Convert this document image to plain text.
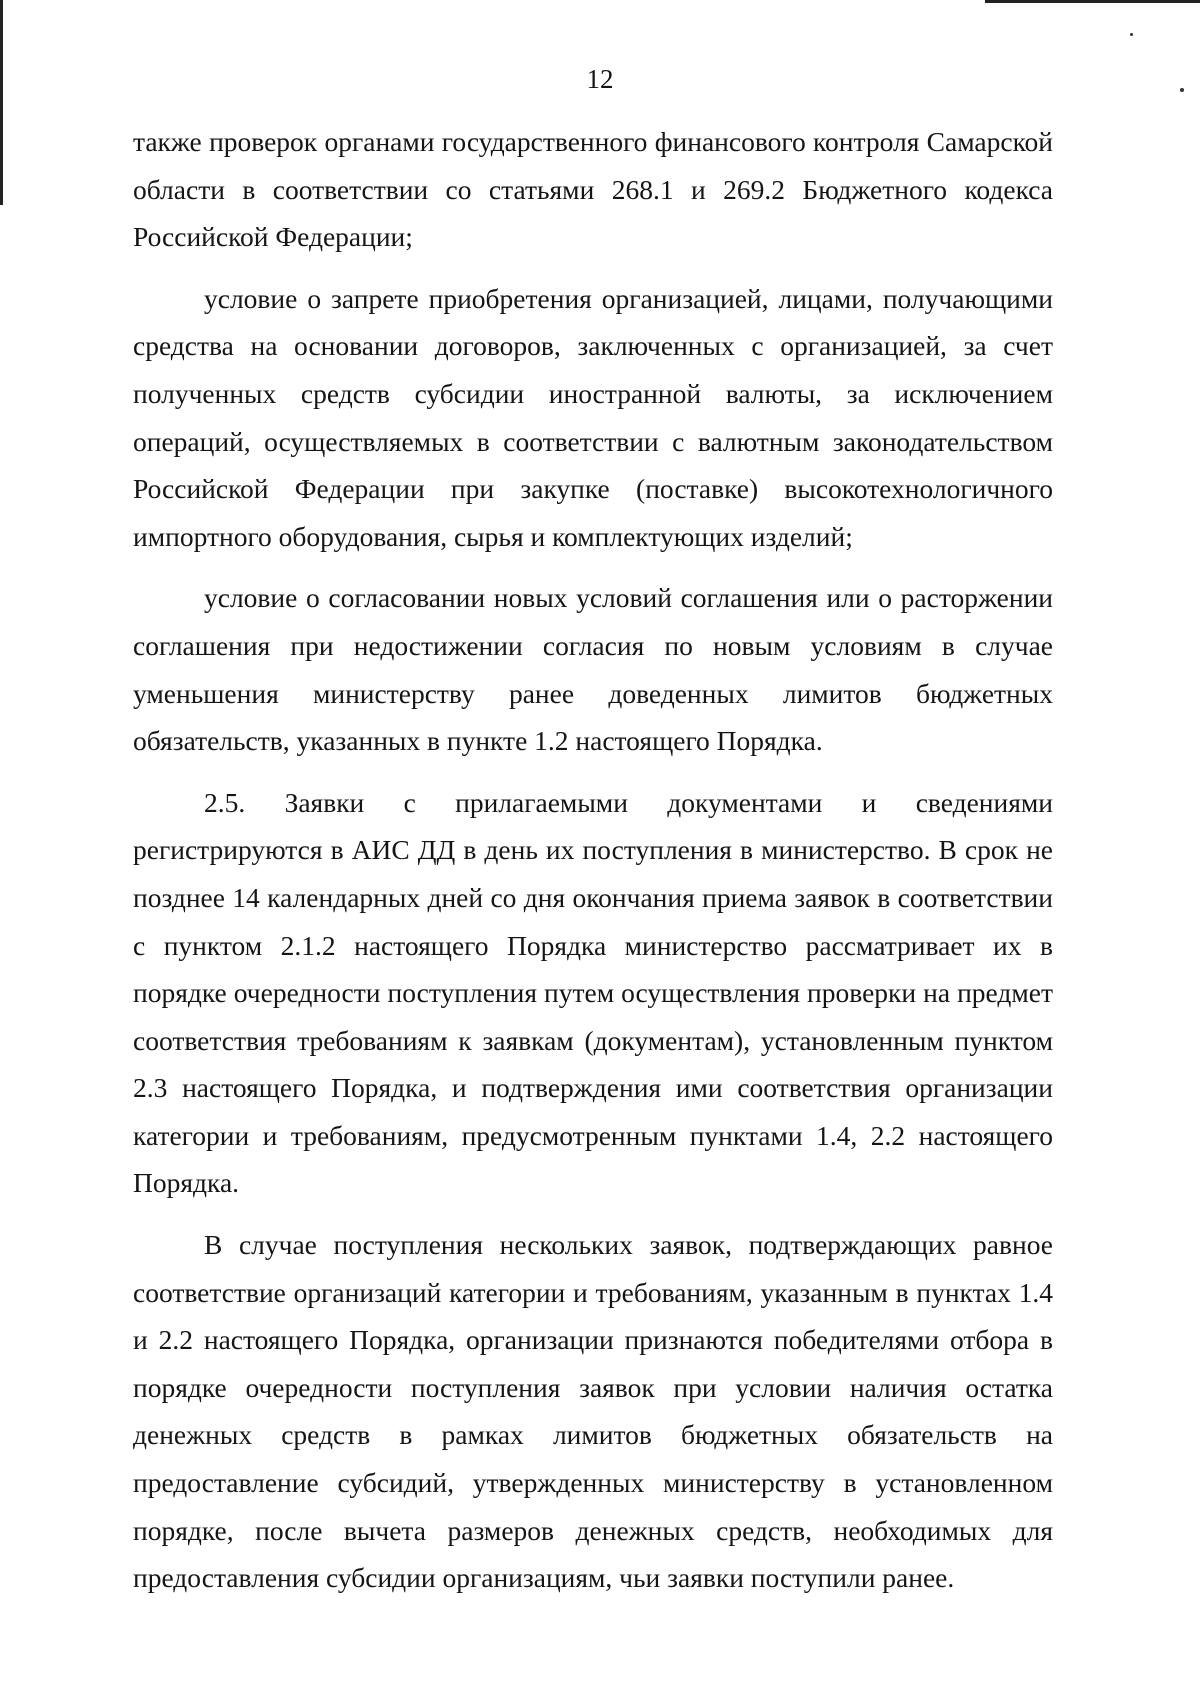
12

также проверок органами государственного финансового контроля Самарской области в соответствии со статьями 268.1 и 269.2 Бюджетного кодекса Российской Федерации;

условие о запрете приобретения организацией, лицами, получающими средства на основании договоров, заключенных с организацией, за счет полученных средств субсидии иностранной валюты, за исключением операций, осуществляемых в соответствии с валютным законодательством Российской Федерации при закупке (поставке) высокотехнологичного импортного оборудования, сырья и комплектующих изделий;

условие о согласовании новых условий соглашения или о расторжении соглашения при недостижении согласия по новым условиям в случае уменьшения министерству ранее доведенных лимитов бюджетных обязательств, указанных в пункте 1.2 настоящего Порядка.

2.5. Заявки с прилагаемыми документами и сведениями регистрируются в АИС ДД в день их поступления в министерство. В срок не позднее 14 календарных дней со дня окончания приема заявок в соответствии с пунктом 2.1.2 настоящего Порядка министерство рассматривает их в порядке очередности поступления путем осуществления проверки на предмет соответствия требованиям к заявкам (документам), установленным пунктом 2.3 настоящего Порядка, и подтверждения ими соответствия организации категории и требованиям, предусмотренным пунктами 1.4, 2.2 настоящего Порядка.

В случае поступления нескольких заявок, подтверждающих равное соответствие организаций категории и требованиям, указанным в пунктах 1.4 и 2.2 настоящего Порядка, организации признаются победителями отбора в порядке очередности поступления заявок при условии наличия остатка денежных средств в рамках лимитов бюджетных обязательств на предоставление субсидий, утвержденных министерству в установленном порядке, после вычета размеров денежных средств, необходимых для предоставления субсидии организациям, чьи заявки поступили ранее.
